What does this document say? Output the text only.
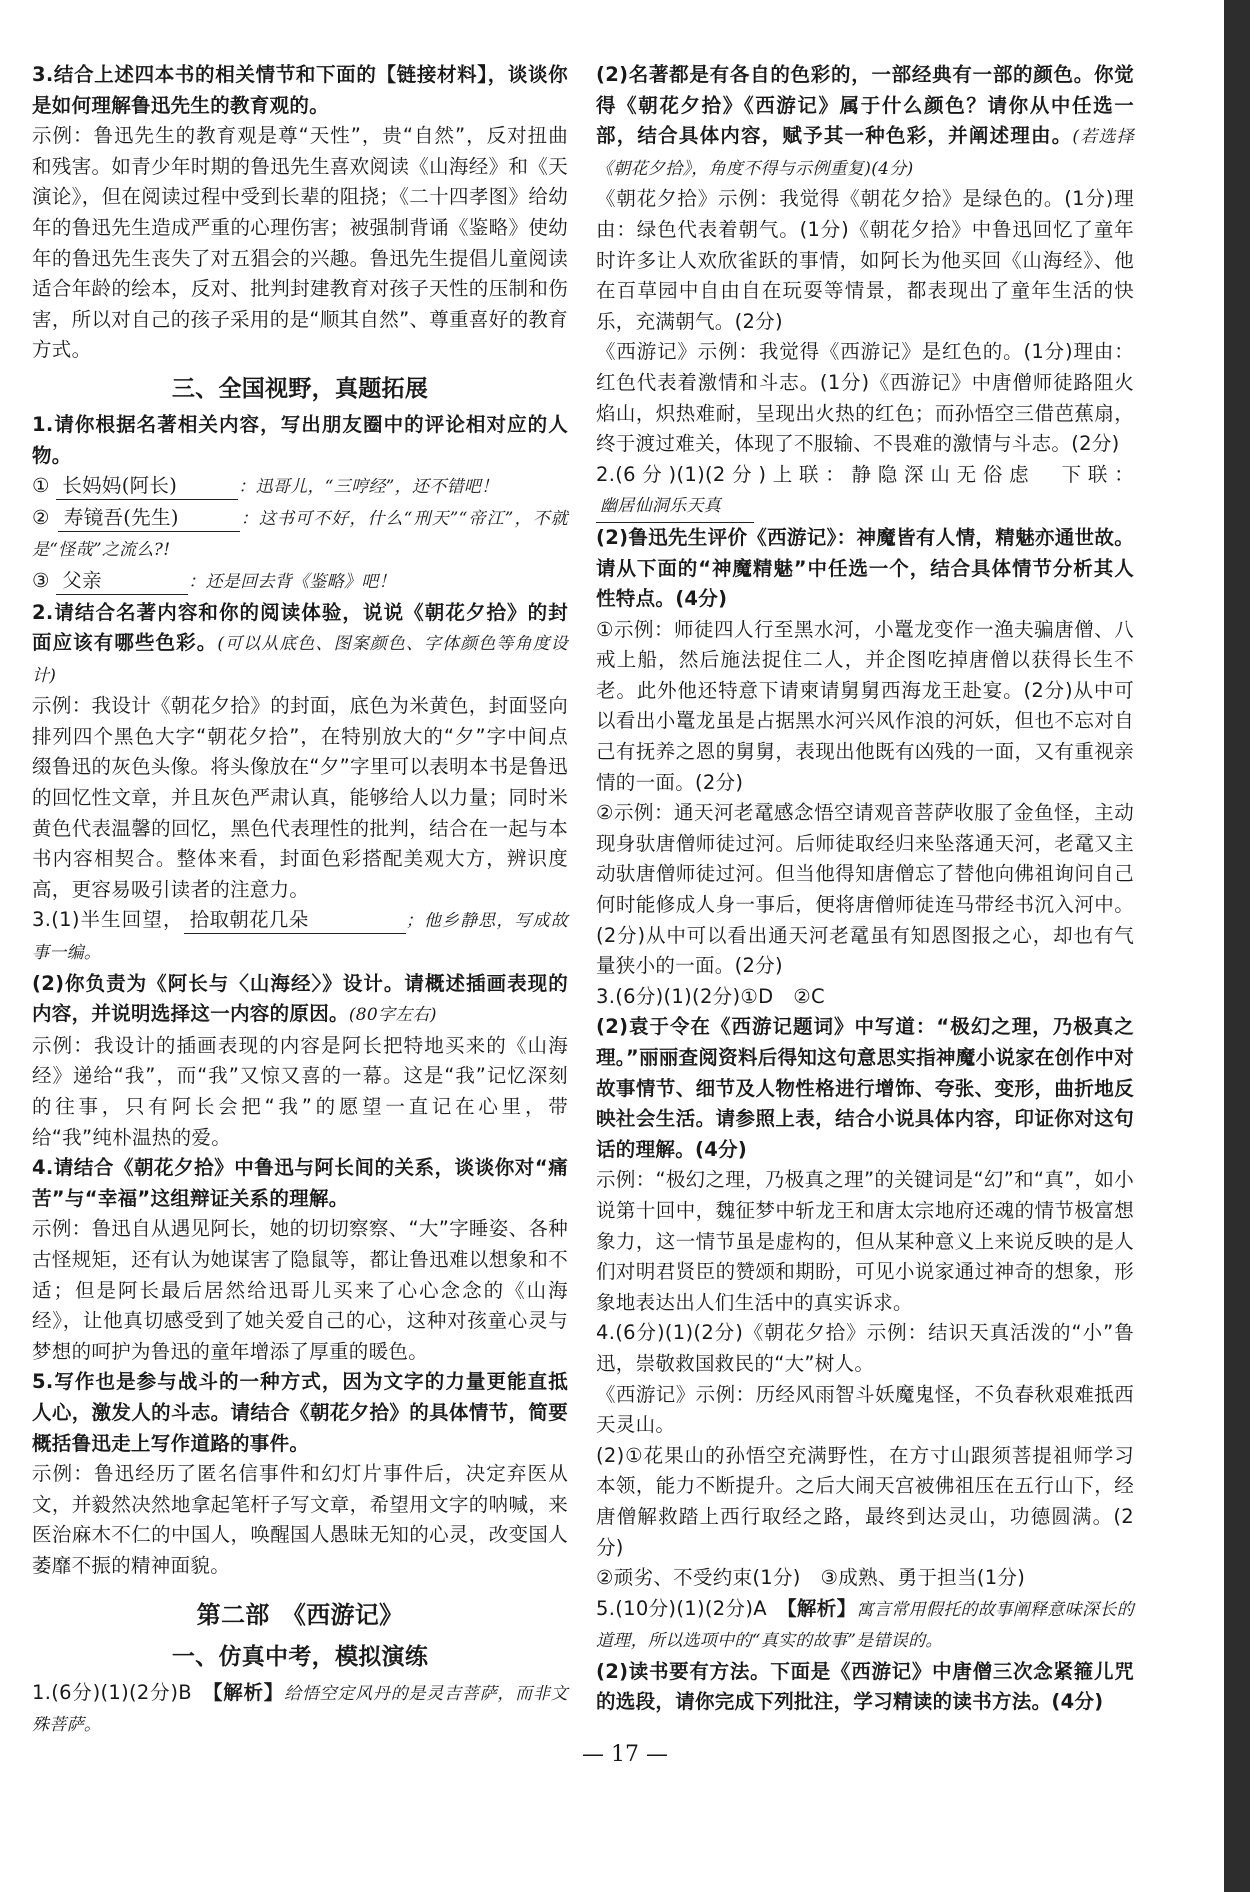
3.结合上述四本书的相关情节和下面的【链接材料】，谈谈你是如何理解鲁迅先生的教育观的。

示例：鲁迅先生的教育观是尊“天性”，贵“自然”，反对扭曲和残害。如青少年时期的鲁迅先生喜欢阅读《山海经》和《天演论》，但在阅读过程中受到长辈的阻挠；《二十四孝图》给幼年的鲁迅先生造成严重的心理伤害；被强制背诵《鉴略》使幼年的鲁迅先生丧失了对五猖会的兴趣。鲁迅先生提倡儿童阅读适合年龄的绘本，反对、批判封建教育对孩子天性的压制和伤害，所以对自己的孩子采用的是“顺其自然”、尊重喜好的教育方式。

三、全国视野，真题拓展

1.请你根据名著相关内容，写出朋友圈中的评论相对应的人物。

① 长妈妈(阿长)	：迅哥儿，“三哼经”，还不错吧！

② 寿镜吾(先生)	：这书可不好，什么“刑天”“帝江”，不就是“怪哉”之流么?!

③ 父亲	：还是回去背《鉴略》吧！

2.请结合名著内容和你的阅读体验，说说《朝花夕拾》的封面应该有哪些色彩。(可以从底色、图案颜色、字体颜色等角度设计)

示例：我设计《朝花夕拾》的封面，底色为米黄色，封面竖向排列四个黑色大字“朝花夕拾”，在特别放大的“夕”字中间点缀鲁迅的灰色头像。将头像放在“夕”字里可以表明本书是鲁迅的回忆性文章，并且灰色严肃认真，能够给人以力量；同时米黄色代表温馨的回忆，黑色代表理性的批判，结合在一起与本书内容相契合。整体来看，封面色彩搭配美观大方，辨识度高，更容易吸引读者的注意力。

3.(1)半生回望， 拾取朝花几朵	；他乡静思，写成故事一编。

(2)你负责为《阿长与〈山海经〉》设计。请概述插画表现的内容，并说明选择这一内容的原因。(80字左右)

示例：我设计的插画表现的内容是阿长把特地买来的《山海经》递给“我”，而“我”又惊又喜的一幕。这是“我”记忆深刻的往事，只有阿长会把“我”的愿望一直记在心里，带给“我”纯朴温热的爱。

4.请结合《朝花夕拾》中鲁迅与阿长间的关系，谈谈你对“痛苦”与“幸福”这组辩证关系的理解。

示例：鲁迅自从遇见阿长，她的切切察察、“大”字睡姿、各种古怪规矩，还有认为她谋害了隐鼠等，都让鲁迅难以想象和不适；但是阿长最后居然给迅哥儿买来了心心念念的《山海经》，让他真切感受到了她关爱自己的心，这种对孩童心灵与梦想的呵护为鲁迅的童年增添了厚重的暖色。

5.写作也是参与战斗的一种方式，因为文字的力量更能直抵人心，激发人的斗志。请结合《朝花夕拾》的具体情节，简要概括鲁迅走上写作道路的事件。

示例：鲁迅经历了匿名信事件和幻灯片事件后，决定弃医从文，并毅然决然地拿起笔杆子写文章，希望用文字的呐喊，来医治麻木不仁的中国人，唤醒国人愚昧无知的心灵，改变国人萎靡不振的精神面貌。

第二部　《西游记》
一、仿真中考，模拟演练

1.(6分)(1)(2分)B　【解析】给悟空定风丹的是灵吉菩萨，而非文殊菩萨。

(2)名著都是有各自的色彩的，一部经典有一部的颜色。你觉得《朝花夕拾》《西游记》属于什么颜色？请你从中任选一部，结合具体内容，赋予其一种色彩，并阐述理由。(若选择《朝花夕拾》，角度不得与示例重复)(4分)

《朝花夕拾》示例：我觉得《朝花夕拾》是绿色的。(1分)理由：绿色代表着朝气。(1分)《朝花夕拾》中鲁迅回忆了童年时许多让人欢欣雀跃的事情，如阿长为他买回《山海经》、他在百草园中自由自在玩耍等情景，都表现出了童年生活的快乐，充满朝气。(2分)

《西游记》示例：我觉得《西游记》是红色的。(1分)理由：红色代表着激情和斗志。(1分)《西游记》中唐僧师徒路阻火焰山，炽热难耐，呈现出火热的红色；而孙悟空三借芭蕉扇，终于渡过难关，体现了不服输、不畏难的激情与斗志。(2分)

2.(6分)(1)(2分)上联：静隐深山无俗虑　下联：幽居仙洞乐天真

(2)鲁迅先生评价《西游记》：神魔皆有人情，精魅亦通世故。请从下面的“神魔精魅”中任选一个，结合具体情节分析其人性特点。(4分)

①示例：师徒四人行至黑水河，小鼍龙变作一渔夫骗唐僧、八戒上船，然后施法捉住二人，并企图吃掉唐僧以获得长生不老。此外他还特意下请柬请舅舅西海龙王赴宴。(2分)从中可以看出小鼍龙虽是占据黑水河兴风作浪的河妖，但也不忘对自己有抚养之恩的舅舅，表现出他既有凶残的一面，又有重视亲情的一面。(2分)

②示例：通天河老鼋感念悟空请观音菩萨收服了金鱼怪，主动现身驮唐僧师徒过河。后师徒取经归来坠落通天河，老鼋又主动驮唐僧师徒过河。但当他得知唐僧忘了替他向佛祖询问自己何时能修成人身一事后，便将唐僧师徒连马带经书沉入河中。(2分)从中可以看出通天河老鼋虽有知恩图报之心，却也有气量狭小的一面。(2分)

3.(6分)(1)(2分)①D　②C

(2)袁于令在《西游记题词》中写道：“极幻之理，乃极真之理。”丽丽查阅资料后得知这句意思实指神魔小说家在创作中对故事情节、细节及人物性格进行增饰、夸张、变形，曲折地反映社会生活。请参照上表，结合小说具体内容，印证你对这句话的理解。(4分)

示例：“极幻之理，乃极真之理”的关键词是“幻”和“真”，如小说第十回中，魏征梦中斩龙王和唐太宗地府还魂的情节极富想象力，这一情节虽是虚构的，但从某种意义上来说反映的是人们对明君贤臣的赞颂和期盼，可见小说家通过神奇的想象，形象地表达出人们生活中的真实诉求。

4.(6分)(1)(2分)《朝花夕拾》示例：结识天真活泼的“小”鲁迅，崇敬救国救民的“大”树人。

《西游记》示例：历经风雨智斗妖魔鬼怪，不负春秋艰难抵西天灵山。

(2)①花果山的孙悟空充满野性，在方寸山跟须菩提祖师学习本领，能力不断提升。之后大闹天宫被佛祖压在五行山下，经唐僧解救踏上西行取经之路，最终到达灵山，功德圆满。(2分)

②顽劣、不受约束(1分)　③成熟、勇于担当(1分)

5.(10分)(1)(2分)A　【解析】寓言常用假托的故事阐释意味深长的道理，所以选项中的“真实的故事”是错误的。

(2)读书要有方法。下面是《西游记》中唐僧三次念紧箍儿咒的选段，请你完成下列批注，学习精读的读书方法。(4分)

— 17 —
